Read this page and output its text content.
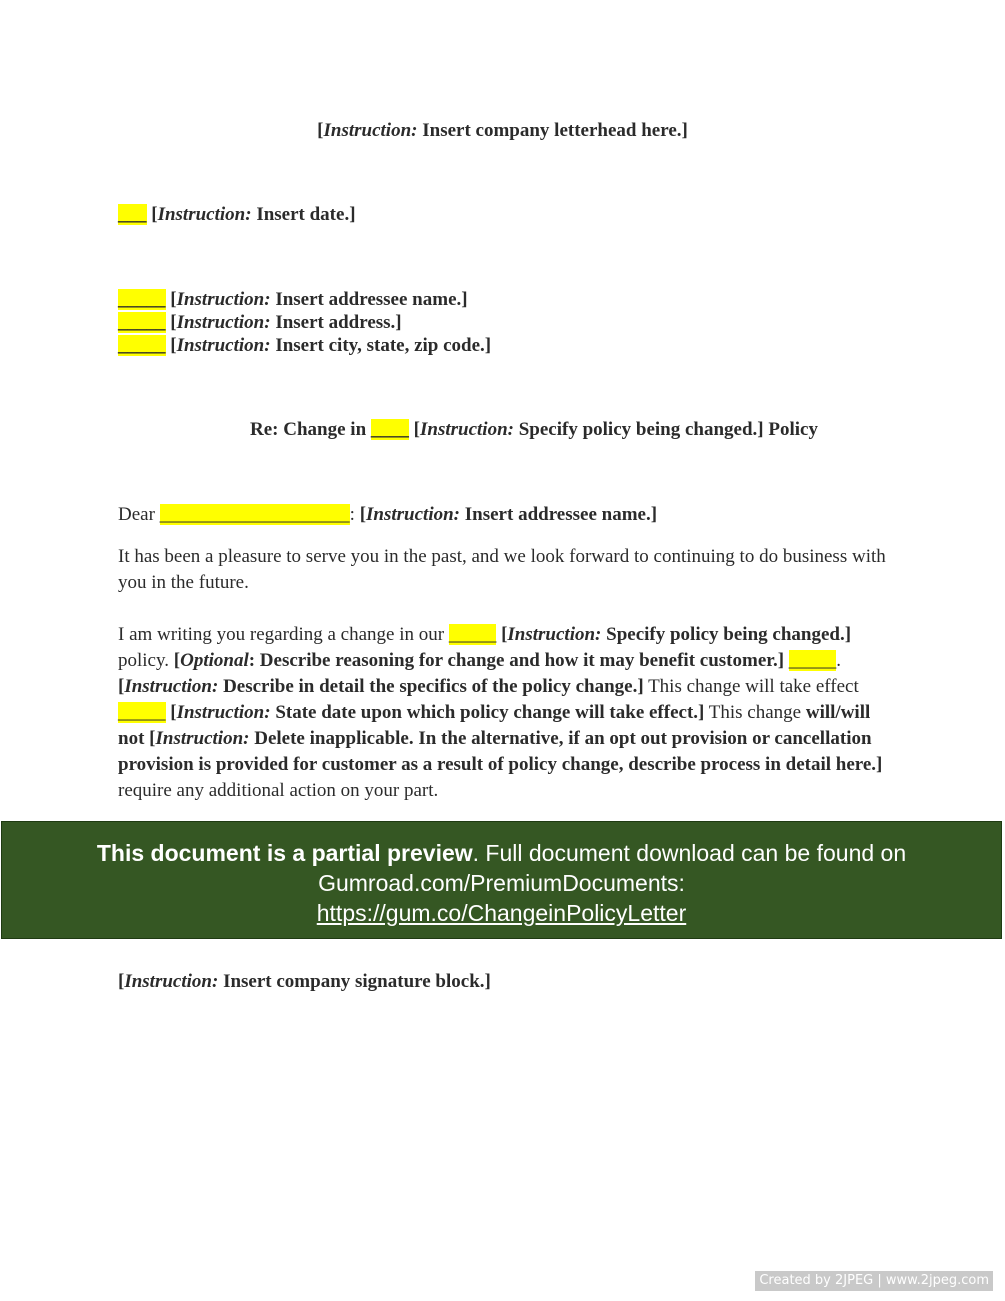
[Instruction: Insert company letterhead here.]
___ [Instruction: Insert date.]
_____ [Instruction: Insert addressee name.]
_____ [Instruction: Insert address.]
_____ [Instruction: Insert city, state, zip code.]
Re: Change in ____ [Instruction: Specify policy being changed.] Policy
Dear ____________________: [Instruction: Insert addressee name.]
It has been a pleasure to serve you in the past, and we look forward to continuing to do business with you in the future.
I am writing you regarding a change in our _____ [Instruction: Specify policy being changed.] policy. [Optional: Describe reasoning for change and how it may benefit customer.] _____. [Instruction: Describe in detail the specifics of the policy change.] This change will take effect _____ [Instruction: State date upon which policy change will take effect.] This change will/will not [Instruction: Delete inapplicable. In the alternative, if an opt out provision or cancellation provision is provided for customer as a result of policy change, describe process in detail here.] require any additional action on your part.
[Instruction: Insert company signature block.]
This document is a partial preview. Full document download can be found on
Gumroad.com/PremiumDocuments:
https://gum.co/ChangeinPolicyLetter
Created by 2JPEG | www.2jpeg.com
